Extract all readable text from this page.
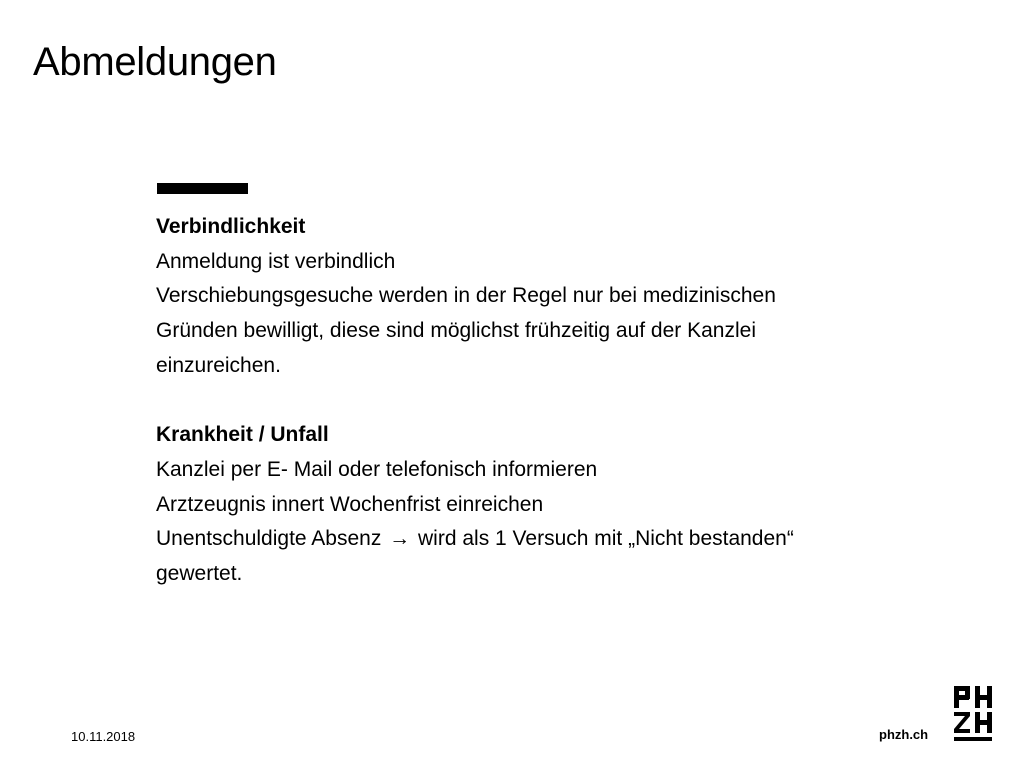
Abmeldungen
Verbindlichkeit
Anmeldung ist verbindlich
Verschiebungsgesuche werden in der Regel nur bei medizinischen
Gründen bewilligt, diese sind möglichst frühzeitig auf der Kanzlei
einzureichen.
Krankheit / Unfall
Kanzlei per E- Mail oder telefonisch informieren
Arztzeugnis innert Wochenfrist einreichen
Unentschuldigte Absenz → wird als 1 Versuch mit „Nicht bestanden“
gewertet.
10.11.2018	phzh.ch
